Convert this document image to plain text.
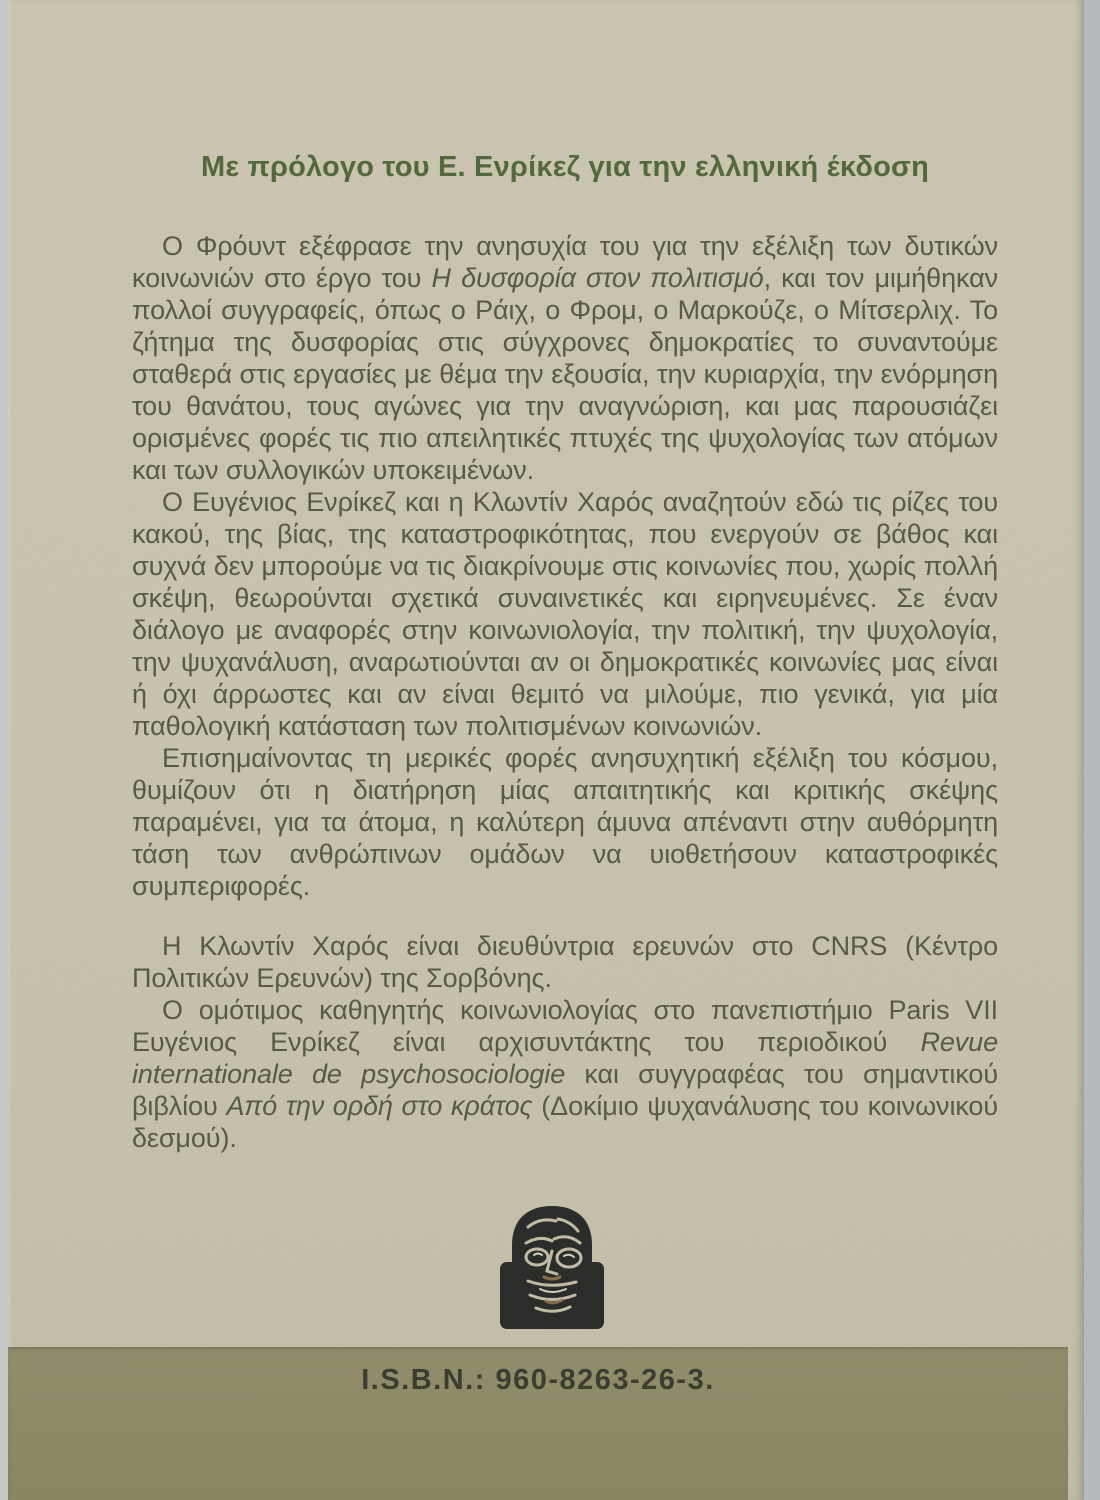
Με πρόλογο του Ε. Ενρίκεζ για την ελληνική έκδοση

Ο Φρόυντ εξέφρασε την ανησυχία του για την εξέλιξη των δυτικών κοινωνιών στο έργο του Η δυσφορία στον πολιτισμό, και τον μιμήθηκαν πολλοί συγγραφείς, όπως ο Ράιχ, ο Φρομ, ο Μαρκούζε, ο Μίτσερλιχ. Το ζήτημα της δυσφορίας στις σύγχρονες δημοκρατίες το συναντούμε σταθερά στις εργασίες με θέμα την εξουσία, την κυριαρχία, την ενόρμηση του θανάτου, τους αγώνες για την αναγνώριση, και μας παρουσιάζει ορισμένες φορές τις πιο απειλητικές πτυχές της ψυχολογίας των ατόμων και των συλλογικών υποκειμένων.

Ο Ευγένιος Ενρίκεζ και η Κλωντίν Χαρός αναζητούν εδώ τις ρίζες του κακού, της βίας, της καταστροφικότητας, που ενεργούν σε βάθος και συχνά δεν μπορούμε να τις διακρίνουμε στις κοινωνίες που, χωρίς πολλή σκέψη, θεωρούνται σχετικά συναινετικές και ειρηνευμένες. Σε έναν διάλογο με αναφορές στην κοινωνιολογία, την πολιτική, την ψυχολογία, την ψυχανάλυση, αναρωτιούνται αν οι δημοκρατικές κοινωνίες μας είναι ή όχι άρρωστες και αν είναι θεμιτό να μιλούμε, πιο γενικά, για μία παθολογική κατάσταση των πολιτισμένων κοινωνιών.

Επισημαίνοντας τη μερικές φορές ανησυχητική εξέλιξη του κόσμου, θυμίζουν ότι η διατήρηση μίας απαιτητικής και κριτικής σκέψης παραμένει, για τα άτομα, η καλύτερη άμυνα απέναντι στην αυθόρμητη τάση των ανθρώπινων ομάδων να υιοθετήσουν καταστροφικές συμπεριφορές.

Η Κλωντίν Χαρός είναι διευθύντρια ερευνών στο CNRS (Κέντρο Πολιτικών Ερευνών) της Σορβόνης.

Ο ομότιμος καθηγητής κοινωνιολογίας στο πανεπιστήμιο Paris VII Ευγένιος Ενρίκεζ είναι αρχισυντάκτης του περιοδικού Revue internationale de psychosociologie και συγγραφέας του σημαντικού βιβλίου Από την ορδή στο κράτος (Δοκίμιο ψυχανάλυσης του κοινωνικού δεσμού).

I.S.B.N.: 960-8263-26-3.
